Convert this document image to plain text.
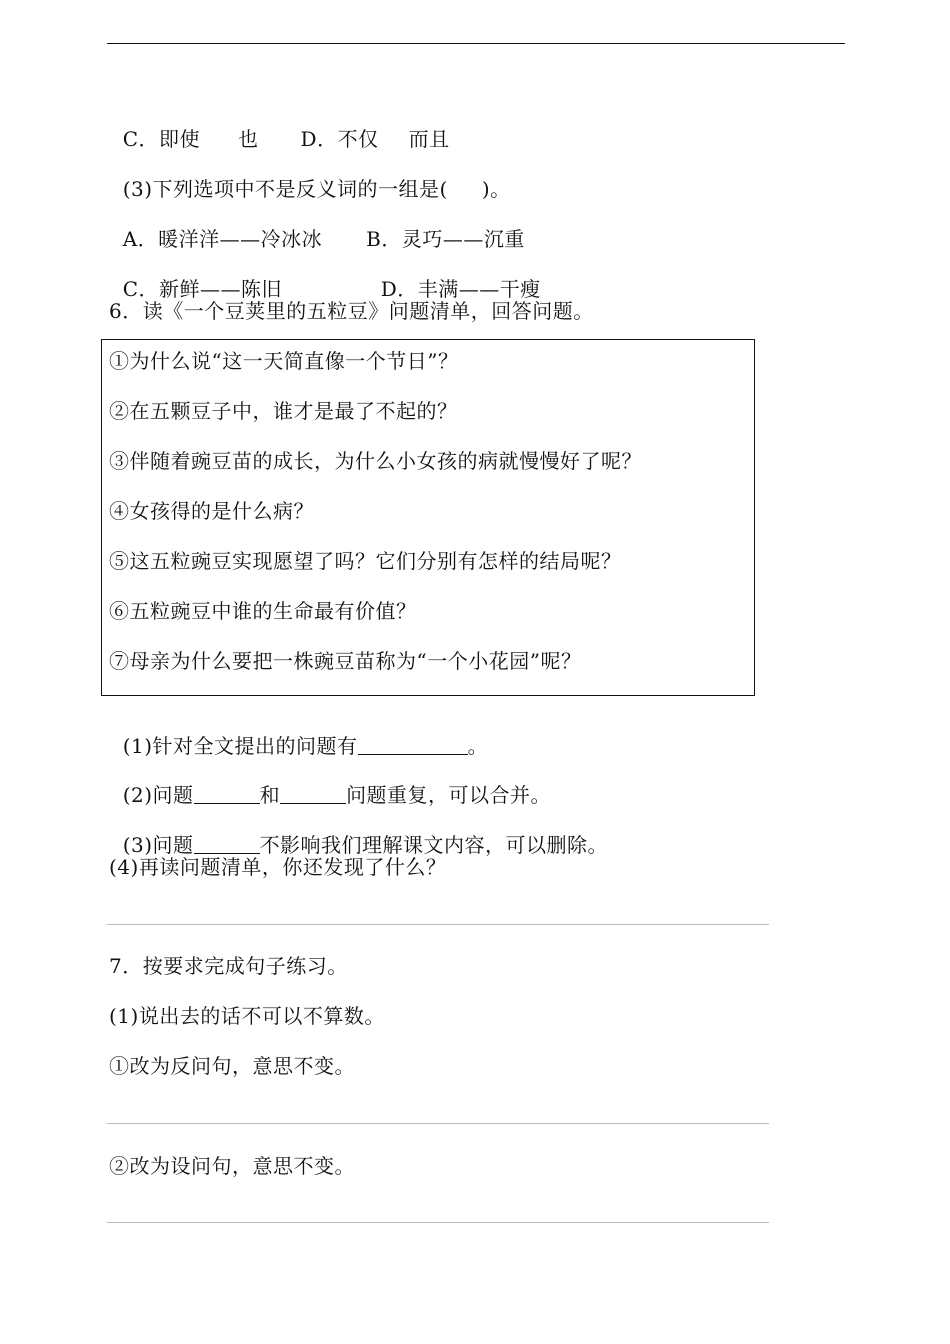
C．即使 也 D．不仅 而且

(3)下列选项中不是反义词的一组是( )。

A．暖洋洋——冷冰冰 B．灵巧——沉重

C．新鲜——陈旧	D．丰满——干瘦

6．读《一个豆荚里的五粒豆》问题清单，回答问题。
①为什么说“这一天简直像一个节日”？
②在五颗豆子中，谁才是最了不起的？
③伴随着豌豆苗的成长，为什么小女孩的病就慢慢好了呢？
④女孩得的是什么病？
⑤这五粒豌豆实现愿望了吗？它们分别有怎样的结局呢？
⑥五粒豌豆中谁的生命最有价值？
⑦母亲为什么要把一株豌豆苗称为“一个小花园”呢？

(1)针对全文提出的问题有	。

(2)问题	和	问题重复，可以合并。

(3)问题	不影响我们理解课文内容，可以删除。

(4)再读问题清单，你还发现了什么？
7．按要求完成句子练习。
(1)说出去的话不可以不算数。
①改为反问句，意思不变。
②改为设问句，意思不变。
